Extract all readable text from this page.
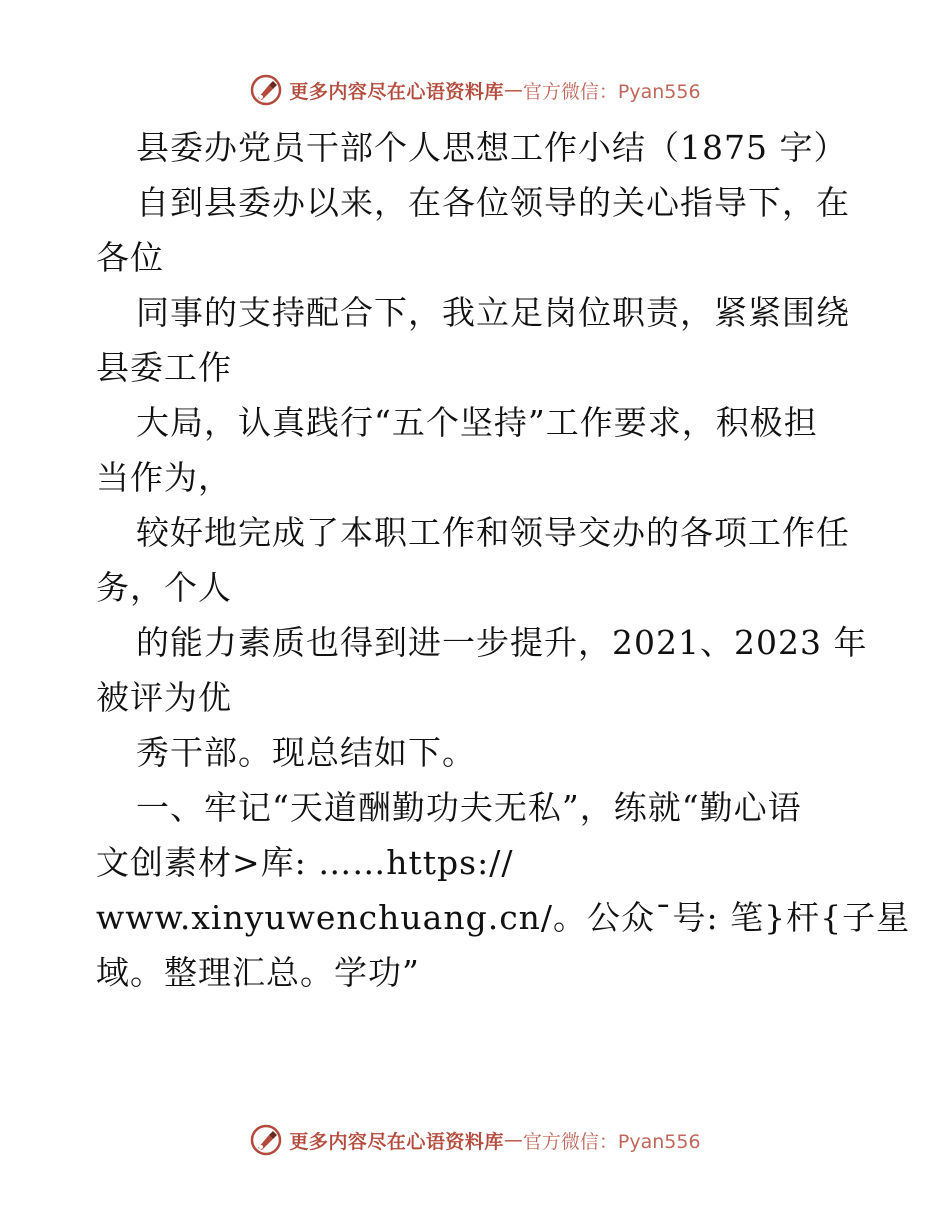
更多内容尽在心语资料库 — 官方微信：Pyan556
县委办党员干部个人思想工作小结（1875 字）
自到县委办以来，在各位领导的关心指导下，在
各位
同事的支持配合下，我立足岗位职责，紧紧围绕
县委工作
大局，认真践行“五个坚持”工作要求，积极担
当作为，
较好地完成了本职工作和领导交办的各项工作任
务，个人
的能力素质也得到进一步提升，2021、2023 年
被评为优
秀干部。现总结如下。
一、牢记“天道酬勤功夫无私”，练就“勤心语
文创素材>库: ……https://
www.xinyuwenchuang.cn/。公众¯号: 笔}杆{子星
域。整理汇总。学功”
更多内容尽在心语资料库 — 官方微信：Pyan556
